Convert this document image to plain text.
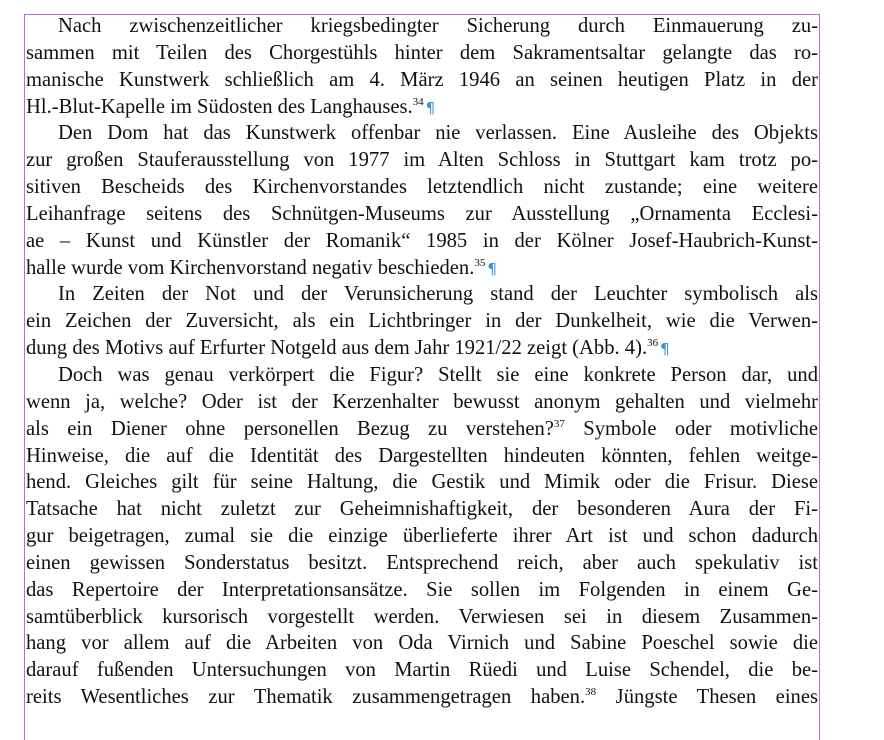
Nach zwischenzeitlicher kriegsbedingter Sicherung durch Einmauerung zu-
sammen mit Teilen des Chorgestühls hinter dem Sakramentsaltar gelangte das ro-
manische Kunstwerk schließlich am 4. März 1946 an seinen heutigen Platz in der
Hl.-Blut-Kapelle im Südosten des Langhauses.$^{34}$ ¶
Den Dom hat das Kunstwerk offenbar nie verlassen. Eine Ausleihe des Objekts
zur großen Stauferausstellung von 1977 im Alten Schloss in Stuttgart kam trotz po-
sitiven Bescheids des Kirchenvorstandes letztendlich nicht zustande; eine weitere
Leihanfrage seitens des Schnütgen-Museums zur Ausstellung „Ornamenta Ecclesi-
ae – Kunst und Künstler der Romanik“ 1985 in der Kölner Josef-Haubrich-Kunst-
halle wurde vom Kirchenvorstand negativ beschieden.$^{35}$ ¶
In Zeiten der Not und der Verunsicherung stand der Leuchter symbolisch als
ein Zeichen der Zuversicht, als ein Lichtbringer in der Dunkelheit, wie die Verwen-
dung des Motivs auf Erfurter Notgeld aus dem Jahr 1921/22 zeigt (Abb. 4).$^{36}$ ¶
Doch was genau verkörpert die Figur? Stellt sie eine konkrete Person dar, und
wenn ja, welche? Oder ist der Kerzenhalter bewusst anonym gehalten und vielmehr
als ein Diener ohne personellen Bezug zu verstehen?$^{37}$ Symbole oder motivliche
Hinweise, die auf die Identität des Dargestellten hindeuten könnten, fehlen weitge-
hend. Gleiches gilt für seine Haltung, die Gestik und Mimik oder die Frisur. Diese
Tatsache hat nicht zuletzt zur Geheimnishaftigkeit, der besonderen Aura der Fi-
gur beigetragen, zumal sie die einzige überlieferte ihrer Art ist und schon dadurch
einen gewissen Sonderstatus besitzt. Entsprechend reich, aber auch spekulativ ist
das Repertoire der Interpretationsansätze. Sie sollen im Folgenden in einem Ge-
samtüberblick kursorisch vorgestellt werden. Verwiesen sei in diesem Zusammen-
hang vor allem auf die Arbeiten von Oda Virnich und Sabine Poeschel sowie die
darauf fußenden Untersuchungen von Martin Rüedi und Luise Schendel, die be-
reits Wesentliches zur Thematik zusammengetragen haben.$^{38}$ Jüngste Thesen eines
